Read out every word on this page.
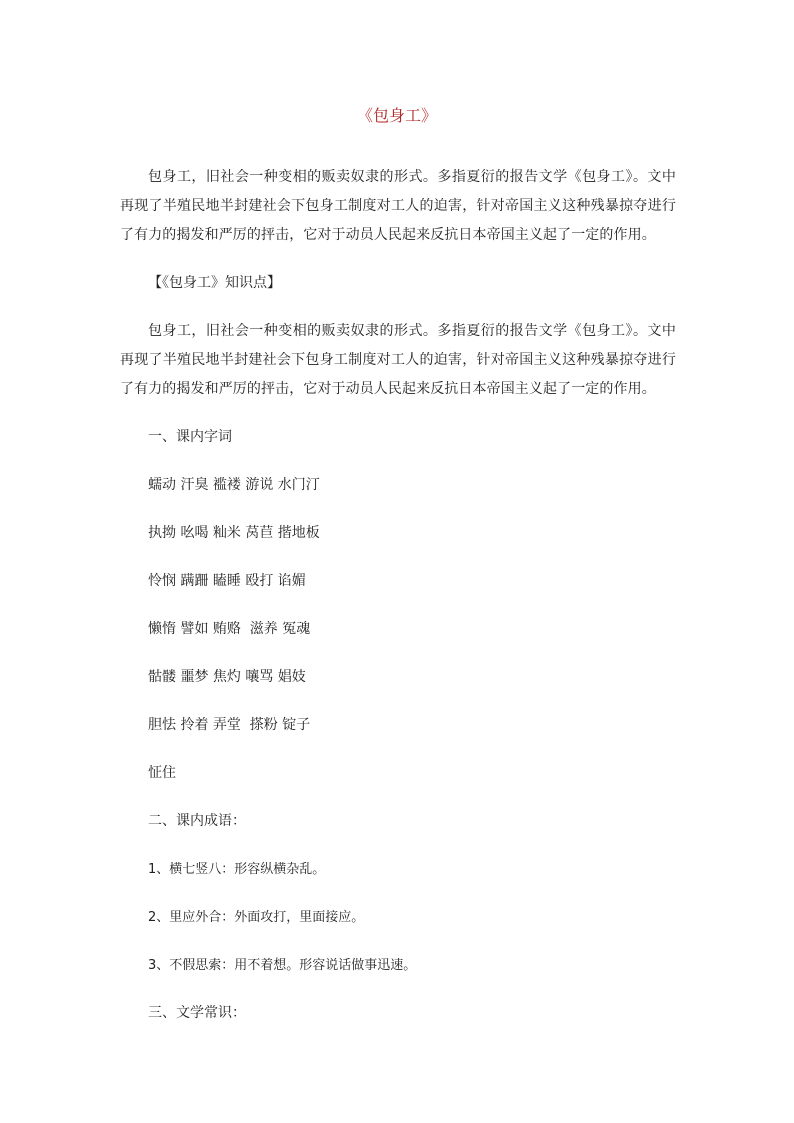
《包身工》

包身工，旧社会一种变相的贩卖奴隶的形式。多指夏衍的报告文学《包身工》。文中再现了半殖民地半封建社会下包身工制度对工人的迫害，针对帝国主义这种残暴掠夺进行了有力的揭发和严厉的抨击，它对于动员人民起来反抗日本帝国主义起了一定的作用。

【《包身工》知识点】

包身工，旧社会一种变相的贩卖奴隶的形式。多指夏衍的报告文学《包身工》。文中再现了半殖民地半封建社会下包身工制度对工人的迫害，针对帝国主义这种残暴掠夺进行了有力的揭发和严厉的抨击，它对于动员人民起来反抗日本帝国主义起了一定的作用。

一、课内字词

蠕动 汗臭 褴褛 游说 水门汀

执拗 吆喝 籼米 莴苣 揩地板

怜悯 蹒跚 瞌睡 殴打 谄媚

懒惰 譬如 贿赂  滋养 冤魂

骷髅 噩梦 焦灼 嚷骂 娼妓

胆怯 拎着 弄堂  搽粉 锭子

怔住

二、课内成语：

1、横七竖八：形容纵横杂乱。

2、里应外合：外面攻打，里面接应。

3、不假思索：用不着想。形容说话做事迅速。

三、文学常识：
